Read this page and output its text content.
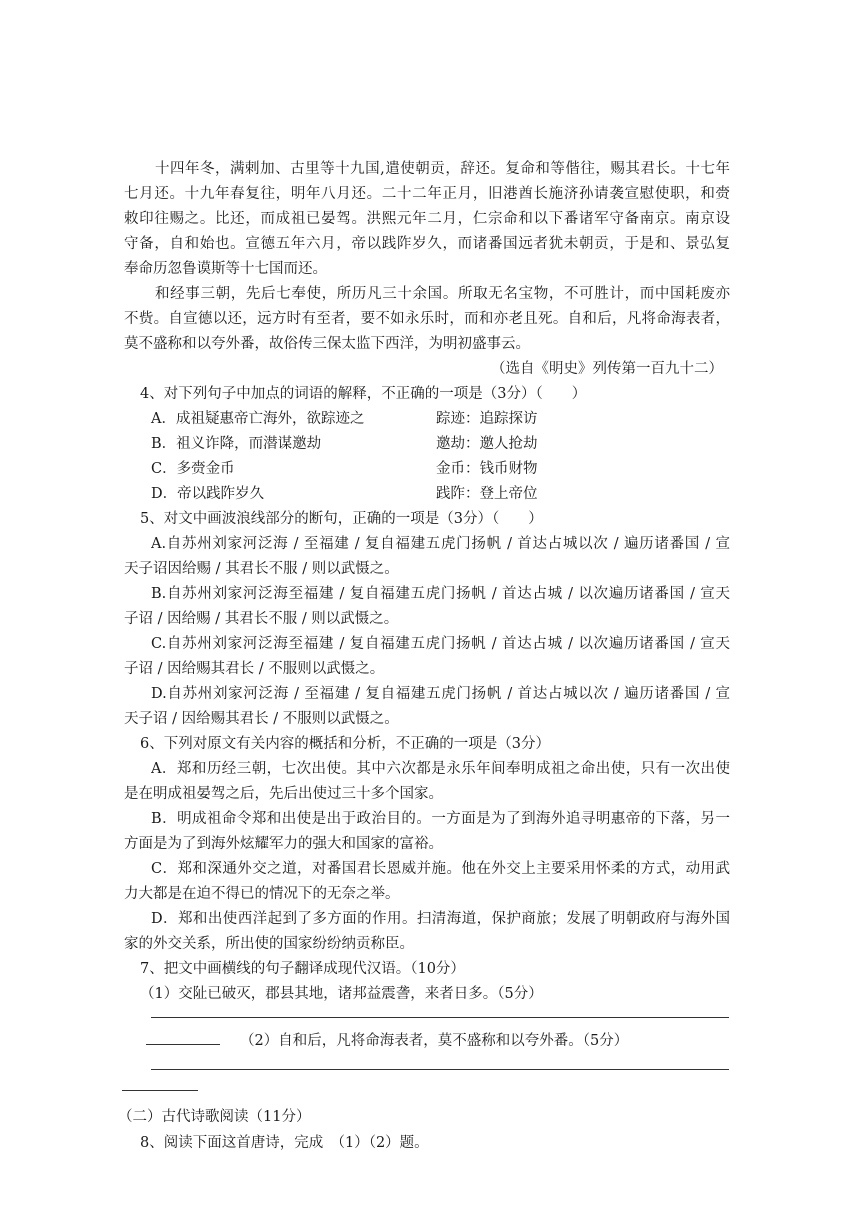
十四年冬，满剌加、古里等十九国,遣使朝贡，辞还。复命和等偕往，赐其君长。十七年
七月还。十九年春复往，明年八月还。二十二年正月，旧港酋长施济孙请袭宣慰使职，和赍
敕印往赐之。比还，而成祖已晏驾。洪熙元年二月，仁宗命和以下番诸军守备南京。南京设
守备，自和始也。宣德五年六月，帝以践阼岁久，而诸番国远者犹未朝贡，于是和、景弘复
奉命历忽鲁谟斯等十七国而还。
和经事三朝，先后七奉使，所历凡三十余国。所取无名宝物，不可胜计，而中国耗废亦
不赀。自宣德以还，远方时有至者，要不如永乐时，而和亦老且死。自和后，凡将命海表者，
莫不盛称和以夸外番，故俗传三保太监下西洋，为明初盛事云。
（选自《明史》列传第一百九十二）
4、对下列句子中加点的词语的解释，不正确的一项是（3分）（　　）
A．成祖疑惠帝亡海外，欲踪迹之	踪迹：追踪探访
B．祖义诈降，而潜谋邀劫	邀劫：邀人抢劫
C．多赍金币	金币：钱币财物
D．帝以践阼岁久	践阼：登上帝位
5、对文中画波浪线部分的断句，正确的一项是（3分）（　　）
A.自苏州刘家河泛海 / 至福建 / 复自福建五虎门扬帆 / 首达占城以次 / 遍历诸番国 / 宣
天子诏因给赐 / 其君长不服 / 则以武慑之。
B.自苏州刘家河泛海至福建 / 复自福建五虎门扬帆 / 首达占城 / 以次遍历诸番国 / 宣天
子诏 / 因给赐 / 其君长不服 / 则以武慑之。
C.自苏州刘家河泛海至福建 / 复自福建五虎门扬帆 / 首达占城 / 以次遍历诸番国 / 宣天
子诏 / 因给赐其君长 / 不服则以武慑之。
D.自苏州刘家河泛海 / 至福建 / 复自福建五虎门扬帆 / 首达占城以次 / 遍历诸番国 / 宣
天子诏 / 因给赐其君长 / 不服则以武慑之。
6、下列对原文有关内容的概括和分析，不正确的一项是（3分）
A．郑和历经三朝，七次出使。其中六次都是永乐年间奉明成祖之命出使，只有一次出使
是在明成祖晏驾之后，先后出使过三十多个国家。
B．明成祖命令郑和出使是出于政治目的。一方面是为了到海外追寻明惠帝的下落，另一
方面是为了到海外炫耀军力的强大和国家的富裕。
C．郑和深通外交之道，对番国君长恩威并施。他在外交上主要采用怀柔的方式，动用武
力大都是在迫不得已的情况下的无奈之举。
D．郑和出使西洋起到了多方面的作用。扫清海道，保护商旅；发展了明朝政府与海外国
家的外交关系，所出使的国家纷纷纳贡称臣。
7、把文中画横线的句子翻译成现代汉语。（10分）
（1）交阯已破灭，郡县其地，诸邦益震詟，来者日多。（5分）
（2）自和后，凡将命海表者，莫不盛称和以夸外番。（5分）
（二）古代诗歌阅读（11分）
8、阅读下面这首唐诗，完成　（1）（2）题。
